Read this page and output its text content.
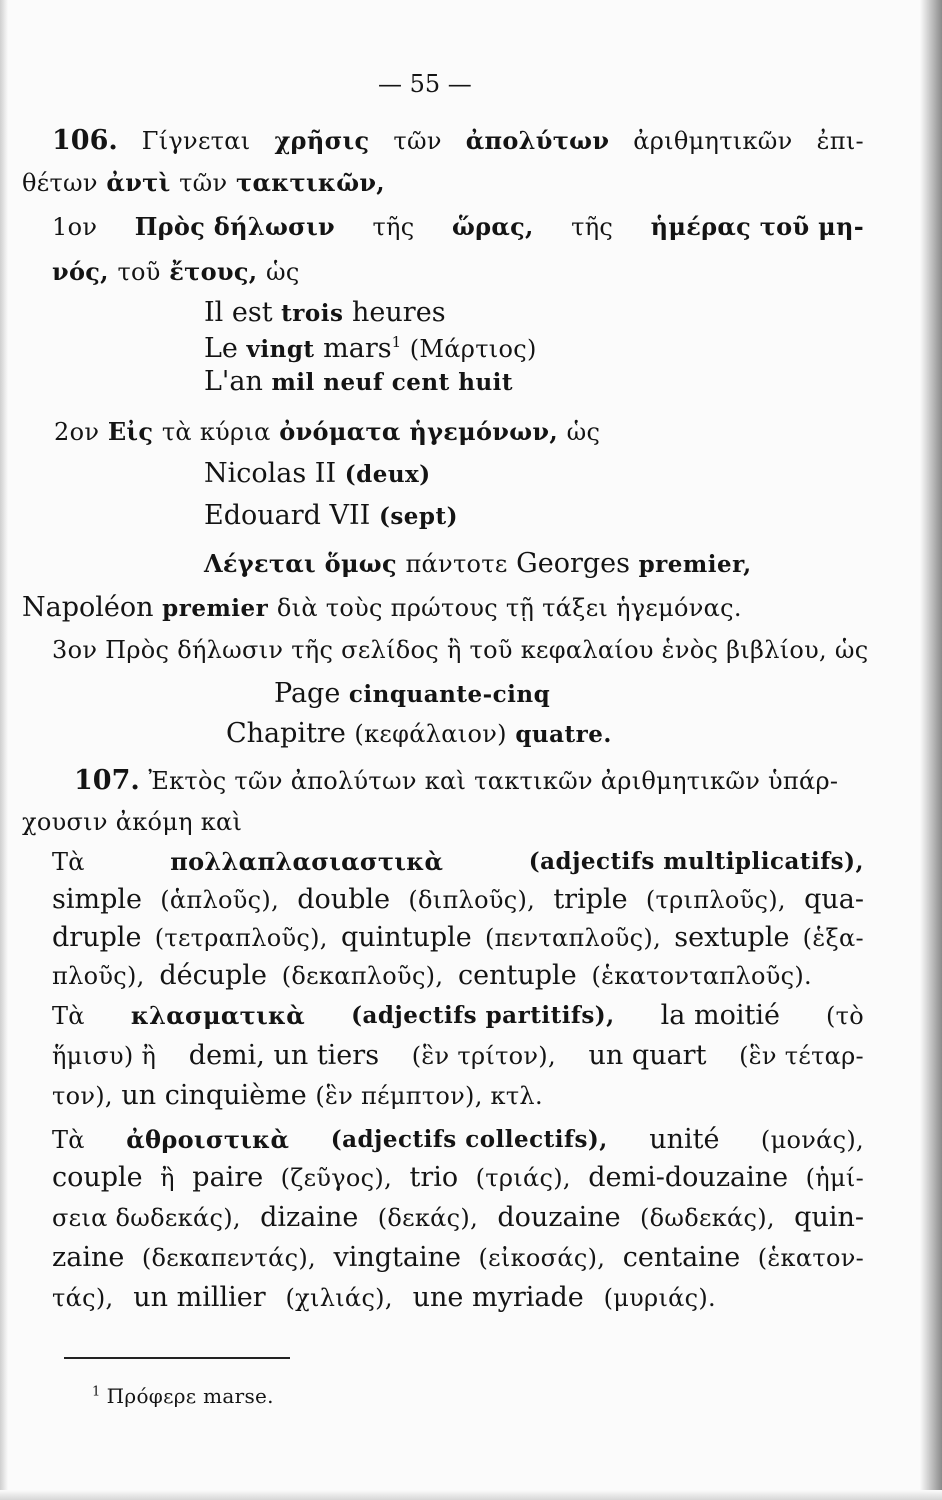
— 55 —
106. Γίγνεται χρῆσις τῶν ἀπολύτων ἀριθμητικῶν ἐπι-
θέτων ἀντὶ τῶν τακτικῶν,
1ον Πρὸς δήλωσιν τῆς ὥρας, τῆς ἡμέρας τοῦ μη-
νός, τοῦ ἔτους, ὡς
Il est trois heures
Le vingt mars$^1$ (Μάρτιος)
L'an mil neuf cent huit
2ον Εἰς τὰ κύρια ὀνόματα ἡγεμόνων, ὡς
Nicolas II (deux)
Edouard VII (sept)
Λέγεται ὅμως πάντοτε Georges premier,
Napoléon premier διὰ τοὺς πρώτους τῇ τάξει ἡγεμόνας.
3ον Πρὸς δήλωσιν τῆς σελίδος ἢ τοῦ κεφαλαίου ἑνὸς βιβλίου, ὡς
Page cinquante-cinq
Chapitre (κεφάλαιον) quatre.
107. Ἐκτὸς τῶν ἀπολύτων καὶ τακτικῶν ἀριθμητικῶν ὑπάρ-
χουσιν ἀκόμη καὶ
Τὰ	πολλαπλασιαστικὰ	(adjectifs multiplicatifs),
simple (ἁπλοῦς), double (διπλοῦς), triple (τριπλοῦς), qua-
druple (τετραπλοῦς), quintuple (πενταπλοῦς), sextuple (ἑξα-
πλοῦς), décuple (δεκαπλοῦς), centuple (ἑκατονταπλοῦς).
Τὰ κλασματικὰ (adjectifs partitifs), la moitié (τὸ
ἥμισυ) ἢ demi, un tiers (ἓν τρίτον), un quart (ἓν τέταρ-
τον), un cinquième (ἓν πέμπτον), κτλ.
Τὰ ἀθροιστικὰ (adjectifs collectifs), unité (μονάς),
couple ἢ paire (ζεῦγος), trio (τριάς), demi-douzaine (ἡμί-
σεια δωδεκάς), dizaine (δεκάς), douzaine (δωδεκάς), quin-
zaine (δεκαπεντάς), vingtaine (εἰκοσάς), centaine (ἑκατον-
τάς), un millier (χιλιάς), une myriade (μυριάς).
$^1$ Πρόφερε marse.
